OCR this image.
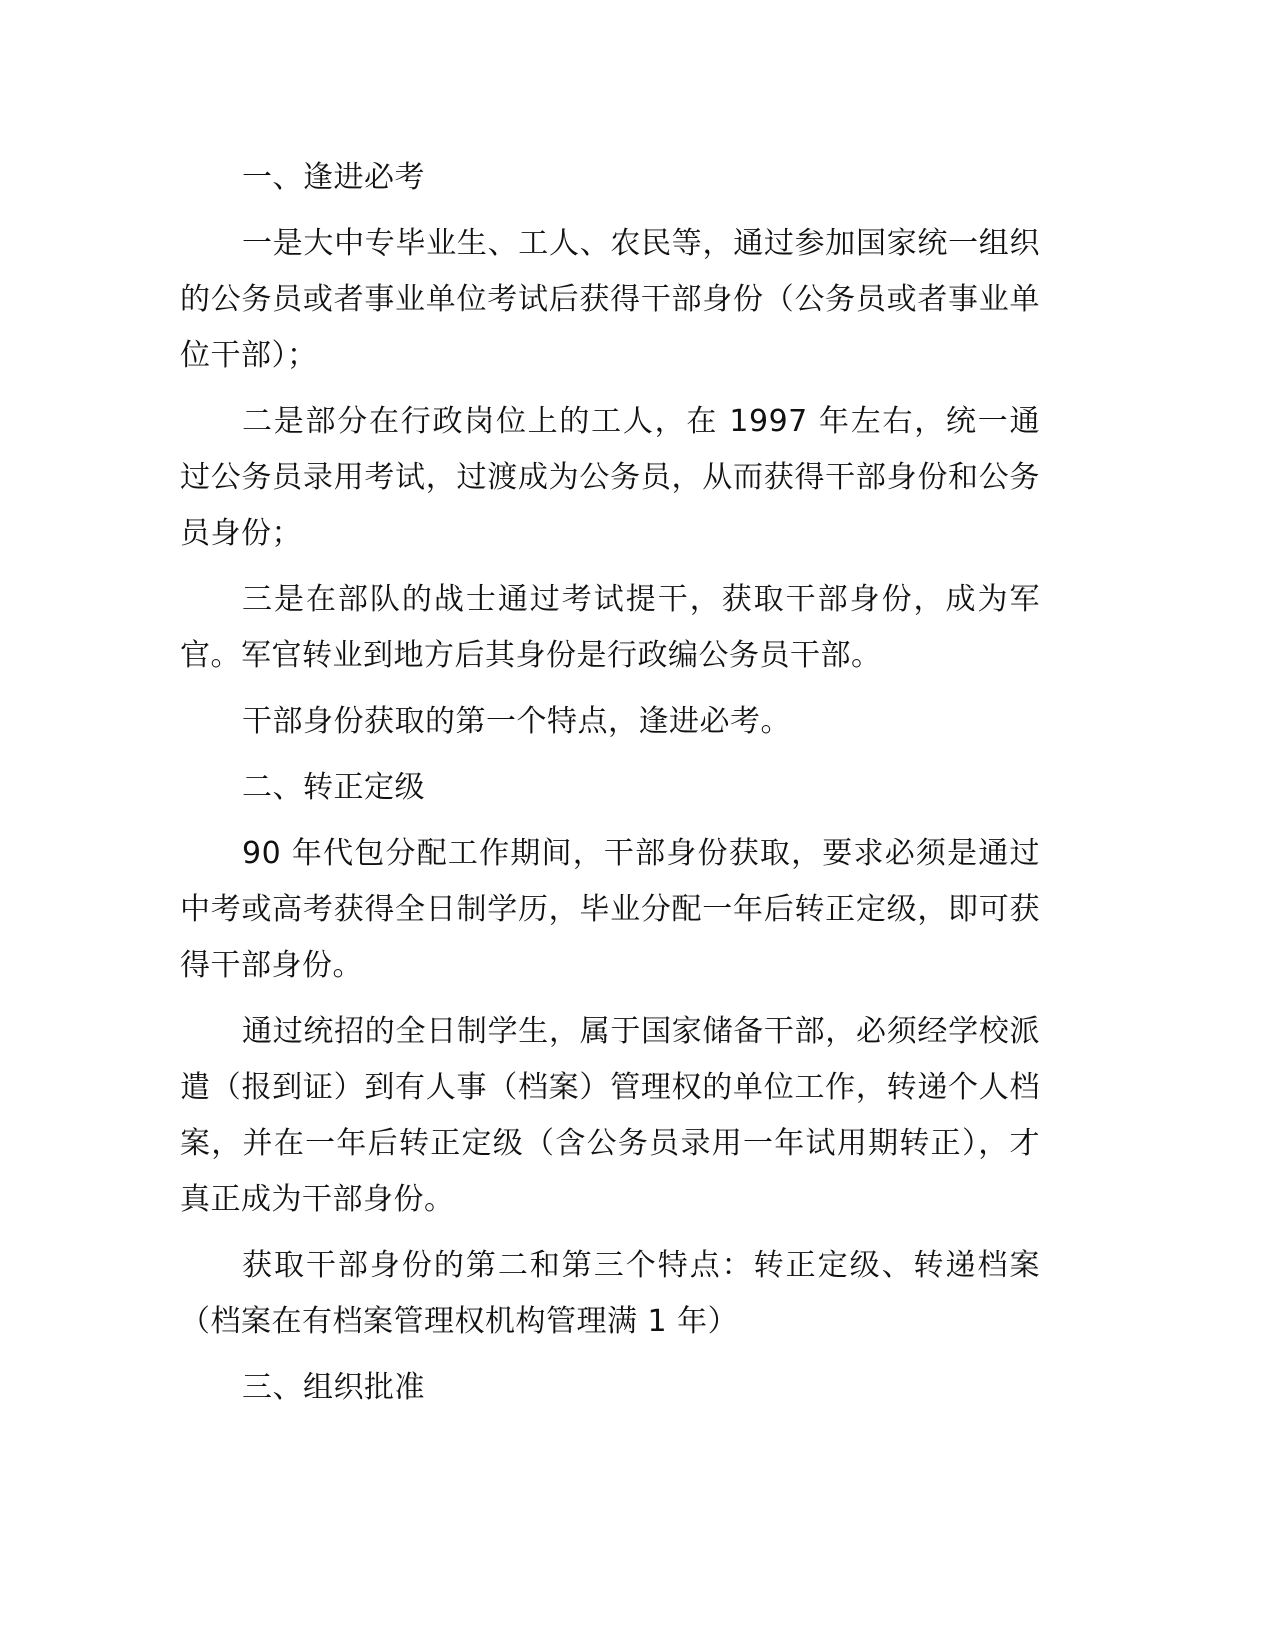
一、逢进必考

一是大中专毕业生、工人、农民等，通过参加国家统一组织的公务员或者事业单位考试后获得干部身份（公务员或者事业单位干部）；

二是部分在行政岗位上的工人，在 1997 年左右，统一通过公务员录用考试，过渡成为公务员，从而获得干部身份和公务员身份；

三是在部队的战士通过考试提干，获取干部身份，成为军官。军官转业到地方后其身份是行政编公务员干部。

干部身份获取的第一个特点，逢进必考。

二、转正定级

90 年代包分配工作期间，干部身份获取，要求必须是通过中考或高考获得全日制学历，毕业分配一年后转正定级，即可获得干部身份。

通过统招的全日制学生，属于国家储备干部，必须经学校派遣（报到证）到有人事（档案）管理权的单位工作，转递个人档案，并在一年后转正定级（含公务员录用一年试用期转正），才真正成为干部身份。

获取干部身份的第二和第三个特点：转正定级、转递档案（档案在有档案管理权机构管理满 1 年）

三、组织批准
